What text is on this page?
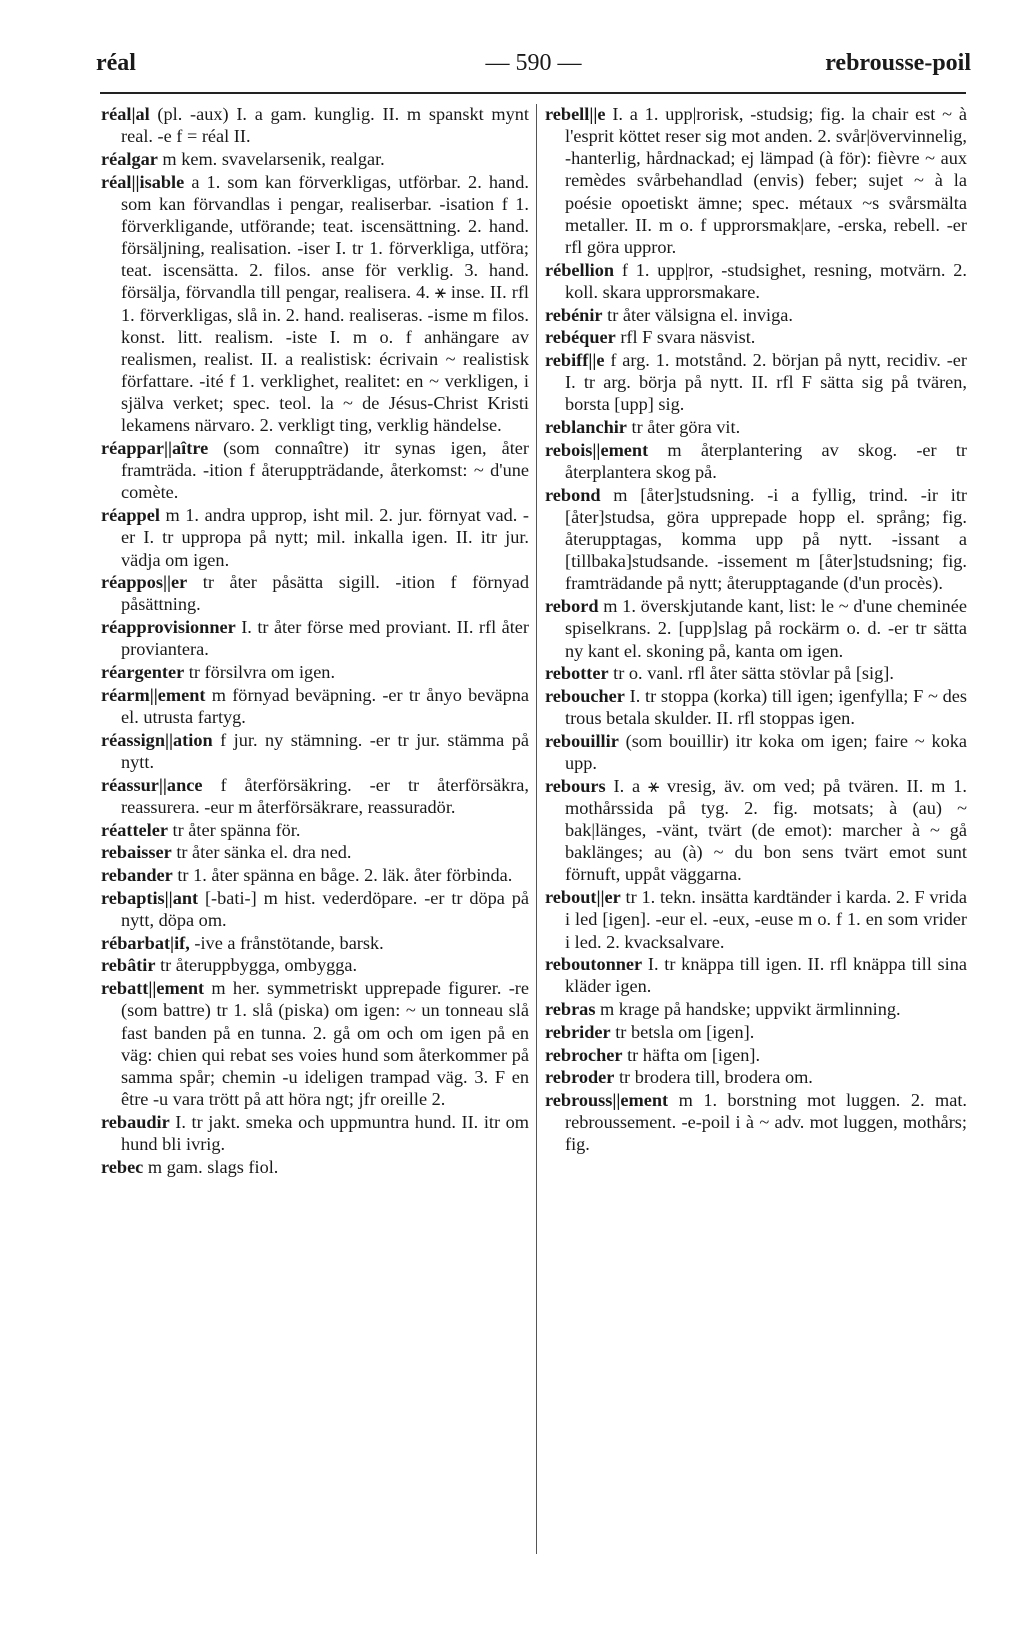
— 590 —
réal	rebrousse-poil

réal|al (pl. -aux) I. a gam. kunglig. II. m spanskt mynt real. -e f = réal II.

réalgar m kem. svavelarsenik, realgar.

réal||isable a 1. som kan förverkligas, utförbar. 2. hand. som kan förvandlas i pengar, realiserbar. -isation f 1. förverkligande, utförande; teat. iscensättning. 2. hand. försäljning, realisation. -iser I. tr 1. förverkliga, utföra; teat. iscensätta. 2. filos. anse för verklig. 3. hand. försälja, förvandla till pengar, realisera. 4. ⚹ inse. II. rfl 1. förverkligas, slå in. 2. hand. realiseras. -isme m filos. konst. litt. realism. -iste I. m o. f anhängare av realismen, realist. II. a realistisk: écrivain ~ realistisk författare. -ité f 1. verklighet, realitet: en ~ verkligen, i själva verket; spec. teol. la ~ de Jésus-Christ Kristi lekamens närvaro. 2. verkligt ting, verklig händelse.

réappar||aître (som connaître) itr synas igen, åter framträda. -ition f återuppträdande, återkomst: ~ d'une comète.

réappel m 1. andra upprop, isht mil. 2. jur. förnyat vad. -er I. tr uppropa på nytt; mil. inkalla igen. II. itr jur. vädja om igen.

réappos||er tr åter påsätta sigill. -ition f förnyad påsättning.

réapprovisionner I. tr åter förse med proviant. II. rfl åter proviantera.

réargenter tr försilvra om igen.

réarm||ement m förnyad beväpning. -er tr ånyo beväpna el. utrusta fartyg.

réassign||ation f jur. ny stämning. -er tr jur. stämma på nytt.

réassur||ance f återförsäkring. -er tr återförsäkra, reassurera. -eur m återförsäkrare, reassuradör.

réatteler tr åter spänna för.

rebaisser tr åter sänka el. dra ned.

rebander tr 1. åter spänna en båge. 2. läk. åter förbinda.

rebaptis||ant [-bati-] m hist. vederdöpare. -er tr döpa på nytt, döpa om.

rébarbat|if, -ive a frånstötande, barsk.

rebâtir tr återuppbygga, ombygga.

rebatt||ement m her. symmetriskt upprepade figurer. -re (som battre) tr 1. slå (piska) om igen: ~ un tonneau slå fast banden på en tunna. 2. gå om och om igen på en väg: chien qui rebat ses voies hund som återkommer på samma spår; chemin -u ideligen trampad väg. 3. F en être -u vara trött på att höra ngt; jfr oreille 2.

rebaudir I. tr jakt. smeka och uppmuntra hund. II. itr om hund bli ivrig.

rebec m gam. slags fiol.

rebell||e I. a 1. upp|rorisk, -studsig; fig. la chair est ~ à l'esprit köttet reser sig mot anden. 2. svår|övervinnelig, -hanterlig, hårdnackad; ej lämpad (à för): fièvre ~ aux remèdes svårbehandlad (envis) feber; sujet ~ à la poésie opoetiskt ämne; spec. métaux ~s svårsmälta metaller. II. m o. f upprorsmak|are, -erska, rebell. -er rfl göra uppror.

rébellion f 1. upp|ror, -studsighet, resning, motvärn. 2. koll. skara upprorsmakare.

rebénir tr åter välsigna el. inviga.

rebéquer rfl F svara näsvist.

rebiff||e f arg. 1. motstånd. 2. början på nytt, recidiv. -er I. tr arg. börja på nytt. II. rfl F sätta sig på tvären, borsta [upp] sig.

reblanchir tr åter göra vit.

rebois||ement m återplantering av skog. -er tr återplantera skog på.

rebond m [åter]studsning. -i a fyllig, trind. -ir itr [åter]studsa, göra upprepade hopp el. språng; fig. återupptagas, komma upp på nytt. -issant a [tillbaka]studsande. -issement m [åter]studsning; fig. framträdande på nytt; återupptagande (d'un procès).

rebord m 1. överskjutande kant, list: le ~ d'une cheminée spiselkrans. 2. [upp]slag på rockärm o. d. -er tr sätta ny kant el. skoning på, kanta om igen.

rebotter tr o. vanl. rfl åter sätta stövlar på [sig].

reboucher I. tr stoppa (korka) till igen; igenfylla; F ~ des trous betala skulder. II. rfl stoppas igen.

rebouillir (som bouillir) itr koka om igen; faire ~ koka upp.

rebours I. a ⚹ vresig, äv. om ved; på tvären. II. m 1. mothårssida på tyg. 2. fig. motsats; à (au) ~ bak|länges, -vänt, tvärt (de emot): marcher à ~ gå baklänges; au (à) ~ du bon sens tvärt emot sunt förnuft, uppåt väggarna.

rebout||er tr 1. tekn. insätta kardtänder i karda. 2. F vrida i led [igen]. -eur el. -eux, -euse m o. f 1. en som vrider i led. 2. kvacksalvare.

reboutonner I. tr knäppa till igen. II. rfl knäppa till sina kläder igen.

rebras m krage på handske; uppvikt ärmlinning.

rebrider tr betsla om [igen].

rebrocher tr häfta om [igen].

rebroder tr brodera till, brodera om.

rebrouss||ement m 1. borstning mot luggen. 2. mat. rebroussement. -e-poil i à ~ adv. mot luggen, mothårs; fig.
